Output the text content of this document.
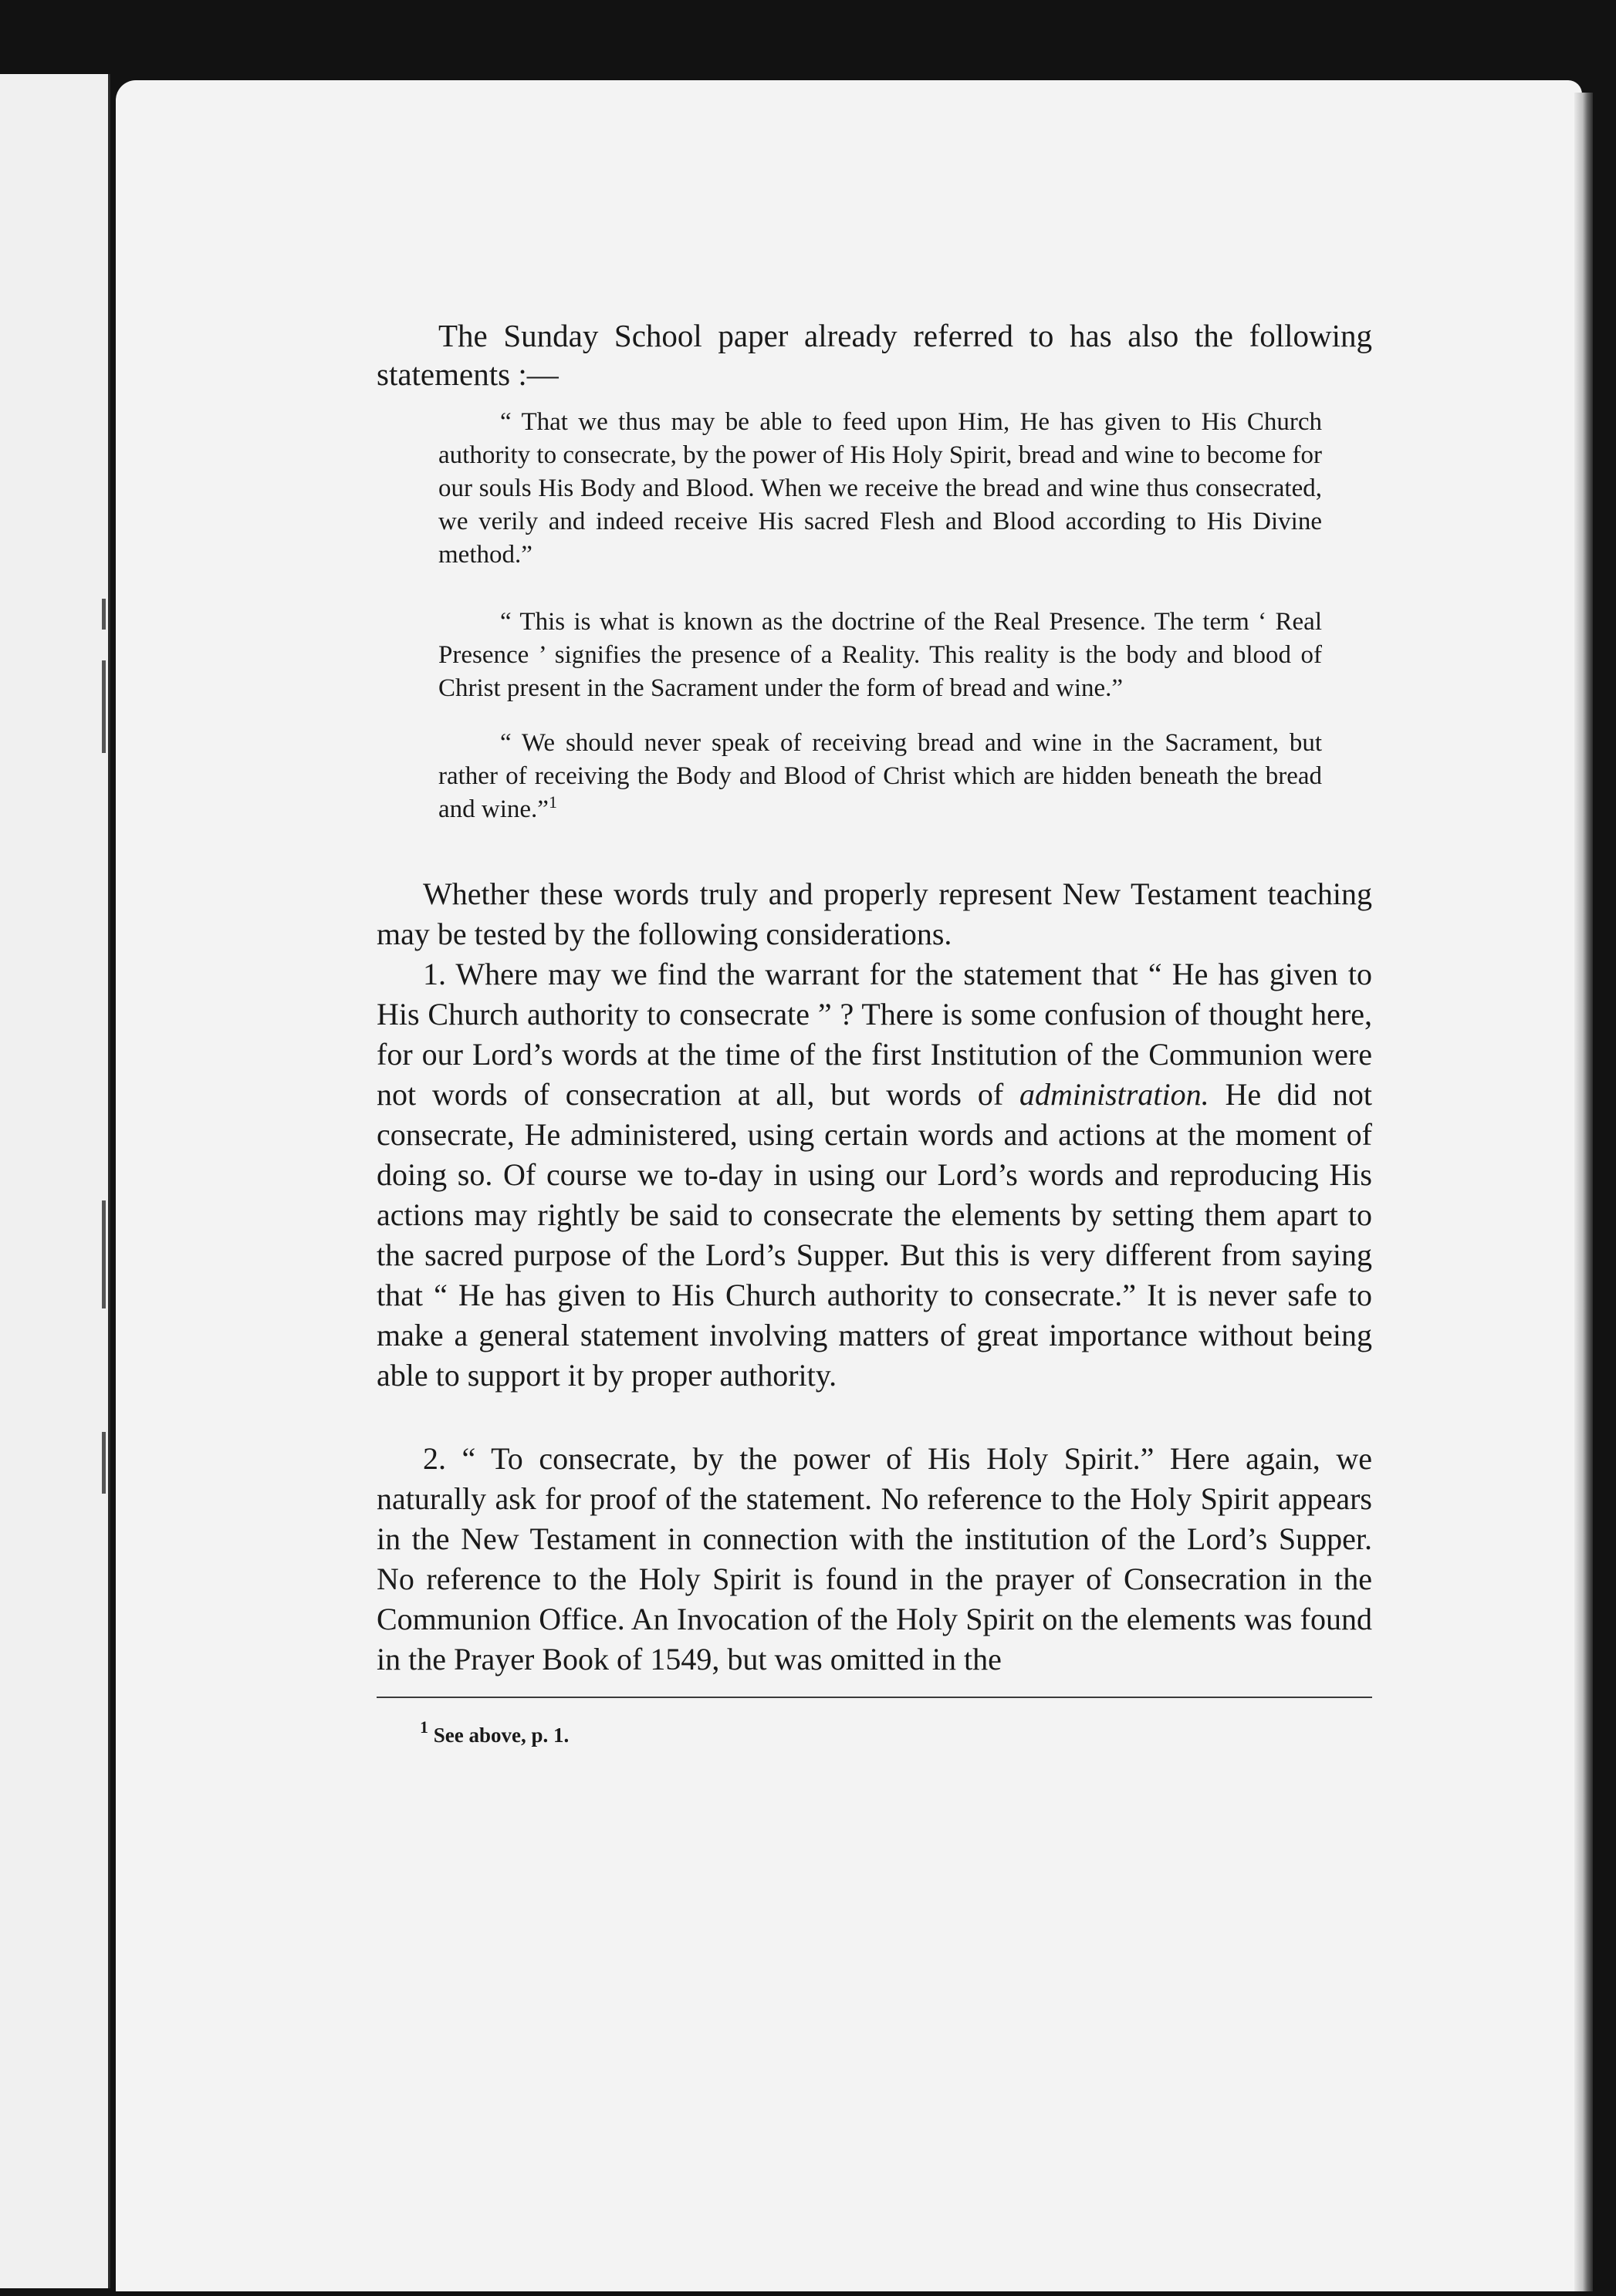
The Sunday School paper already referred to has also the following statements :—

“ That we thus may be able to feed upon Him, He has given to His Church authority to consecrate, by the power of His Holy Spirit, bread and wine to become for our souls His Body and Blood. When we receive the bread and wine thus consecrated, we verily and indeed receive His sacred Flesh and Blood according to His Divine method.”

“ This is what is known as the doctrine of the Real Presence. The term ‘ Real Presence ’ signifies the presence of a Reality. This reality is the body and blood of Christ present in the Sacrament under the form of bread and wine.”

“ We should never speak of receiving bread and wine in the Sacrament, but rather of receiving the Body and Blood of Christ which are hidden beneath the bread and wine.”$^1$

Whether these words truly and properly represent New Testament teaching may be tested by the following considerations.

1. Where may we find the warrant for the statement that “ He has given to His Church authority to consecrate ” ? There is some confusion of thought here, for our Lord’s words at the time of the first Institution of the Communion were not words of consecration at all, but words of administration. He did not consecrate, He administered, using certain words and actions at the moment of doing so. Of course we to-day in using our Lord’s words and reproducing His actions may rightly be said to consecrate the elements by setting them apart to the sacred purpose of the Lord’s Supper. But this is very different from saying that “ He has given to His Church authority to consecrate.” It is never safe to make a general statement involving matters of great importance without being able to support it by proper authority.

2. “ To consecrate, by the power of His Holy Spirit.” Here again, we naturally ask for proof of the statement. No reference to the Holy Spirit appears in the New Testament in connection with the institution of the Lord’s Supper. No reference to the Holy Spirit is found in the prayer of Consecration in the Communion Office. An Invocation of the Holy Spirit on the elements was found in the Prayer Book of 1549, but was omitted in the

$^1$ See above, p. 1.
